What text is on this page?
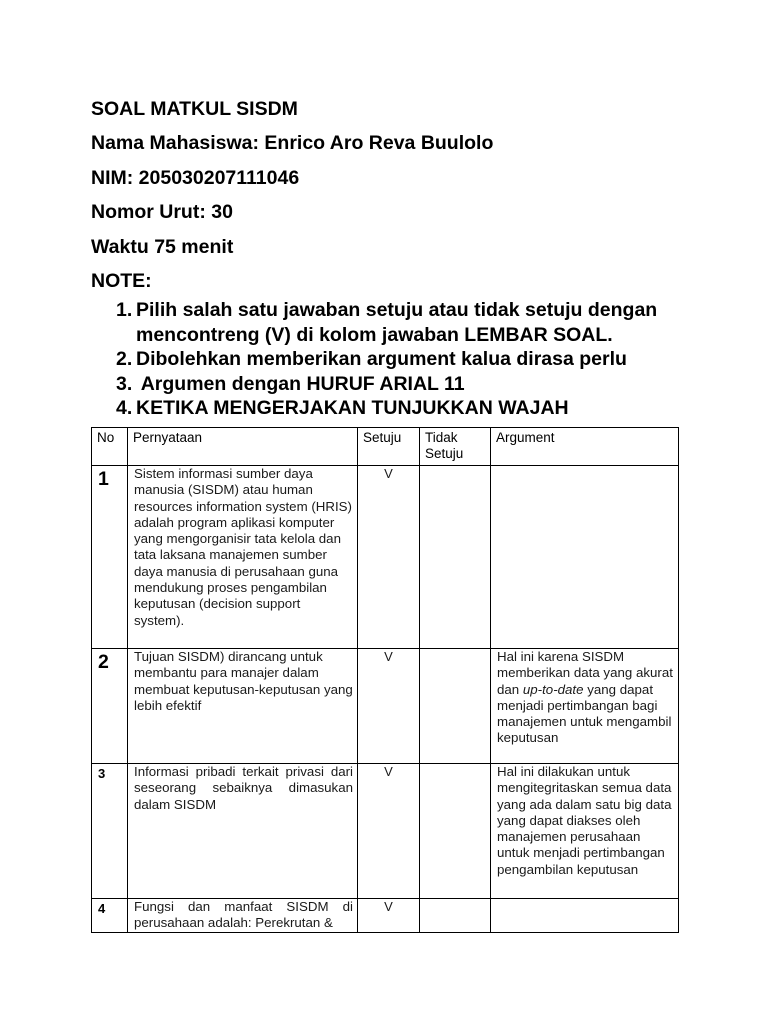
SOAL MATKUL SISDM
Nama Mahasiswa: Enrico Aro Reva Buulolo
NIM: 205030207111046
Nomor Urut: 30
Waktu 75 menit
NOTE:
1. Pilih salah satu jawaban setuju atau tidak setuju dengan mencontreng (V) di kolom jawaban LEMBAR SOAL.
2. Dibolehkan memberikan argument kalua dirasa perlu
3. Argumen dengan HURUF ARIAL 11
4. KETIKA MENGERJAKAN TUNJUKKAN WAJAH
No	Pernyataan	Setuju	Tidak Setuju	Argument
1	Sistem informasi sumber daya manusia (SISDM) atau human resources information system (HRIS) adalah program aplikasi komputer yang mengorganisir tata kelola dan tata laksana manajemen sumber daya manusia di perusahaan guna mendukung proses pengambilan keputusan (decision support system).	V		
2	Tujuan SISDM) dirancang untuk membantu para manajer dalam membuat keputusan-keputusan yang lebih efektif	V		Hal ini karena SISDM memberikan data yang akurat dan up-to-date yang dapat menjadi pertimbangan bagi manajemen untuk mengambil keputusan
3	Informasi pribadi terkait privasi dari seseorang sebaiknya dimasukan dalam SISDM	V		Hal ini dilakukan untuk mengitegritaskan semua data yang ada dalam satu big data yang dapat diakses oleh manajemen perusahaan untuk menjadi pertimbangan pengambilan keputusan
4	Fungsi dan manfaat SISDM di perusahaan adalah: Perekrutan &	V		
